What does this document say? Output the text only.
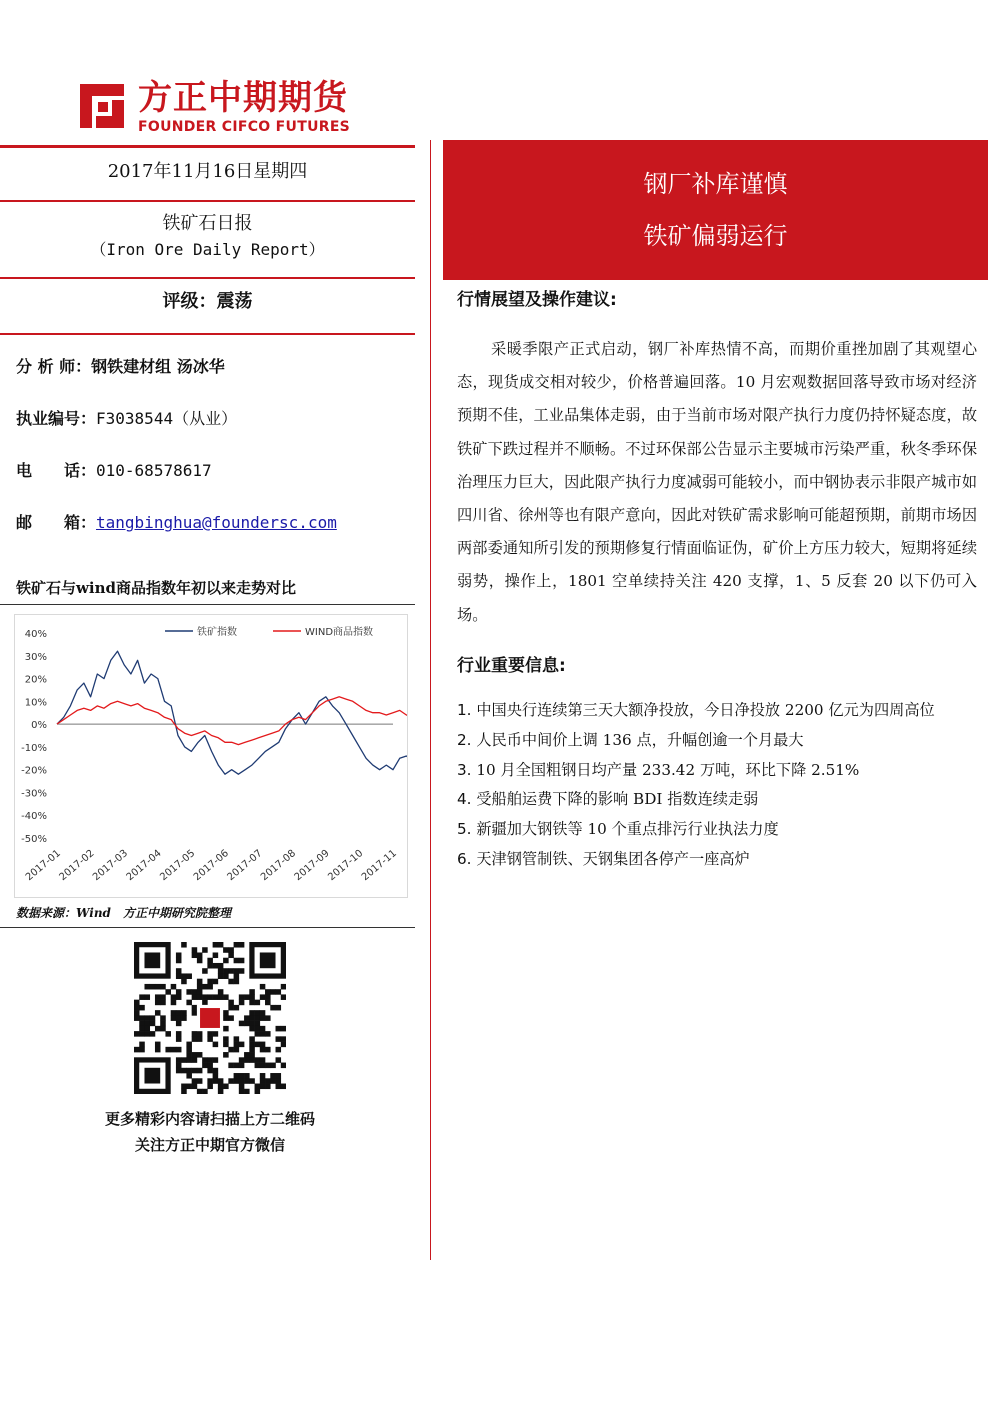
方正中期期货
FOUNDER CIFCO FUTURES
2017年11月16日星期四
铁矿石日报
（Iron Ore Daily Report）
评级：震荡
分 析 师：钢铁建材组 汤冰华
执业编号：F3038544（从业）
电　　话：010-68578617
邮　　箱：tangbinghua@foundersc.com
铁矿石与wind商品指数年初以来走势对比
40%
30%
20%
10%
0%
-10%
-20%
-30%
-40%
-50%
2017-01
2017-02
2017-03
2017-04
2017-05
2017-06
2017-07
2017-08
2017-09
2017-10
2017-11
铁矿指数	WIND商品指数
数据来源：Wind　方正中期研究院整理
更多精彩内容请扫描上方二维码
关注方正中期官方微信
钢厂补库谨慎
铁矿偏弱运行
行情展望及操作建议:
采暖季限产正式启动，钢厂补库热情不高，而期价重挫加剧了其观望心态，现货成交相对较少，价格普遍回落。10 月宏观数据回落导致市场对经济预期不佳，工业品集体走弱，由于当前市场对限产执行力度仍持怀疑态度，故铁矿下跌过程并不顺畅。不过环保部公告显示主要城市污染严重，秋冬季环保治理压力巨大，因此限产执行力度减弱可能较小，而中钢协表示非限产城市如四川省、徐州等也有限产意向，因此对铁矿需求影响可能超预期，前期市场因两部委通知所引发的预期修复行情面临证伪，矿价上方压力较大，短期将延续弱势，操作上，1801 空单续持关注 420 支撑，1、5 反套 20 以下仍可入场。
行业重要信息:
1. 中国央行连续第三天大额净投放，今日净投放 2200 亿元为四周高位
2. 人民币中间价上调 136 点，升幅创逾一个月最大
3. 10 月全国粗钢日均产量 233.42 万吨，环比下降 2.51%
4. 受船舶运费下降的影响 BDI 指数连续走弱
5. 新疆加大钢铁等 10 个重点排污行业执法力度
6. 天津钢管制铁、天钢集团各停产一座高炉
